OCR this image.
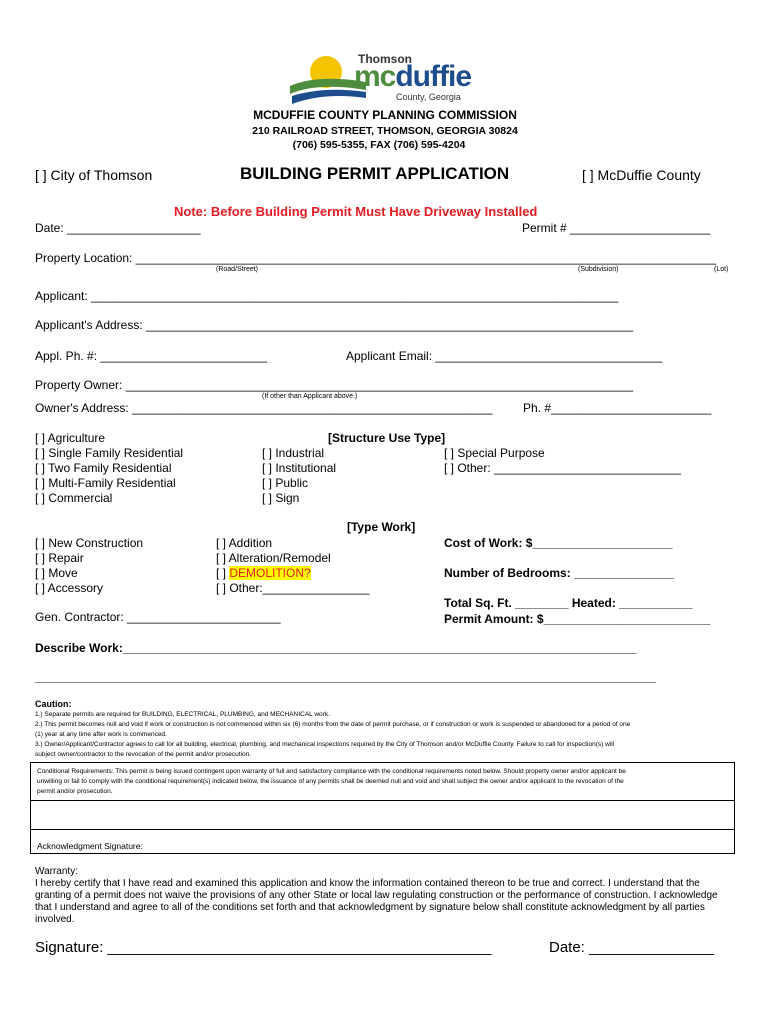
Thomson
mcduffie
County, Georgia
MCDUFFIE COUNTY PLANNING COMMISSION
210 RAILROAD STREET, THOMSON, GEORGIA 30824
(706) 595-5355, FAX (706) 595-4204
[ ] City of Thomson	BUILDING PERMIT APPLICATION	[ ] McDuffie County
Note: Before Building Permit Must Have Driveway Installed
Date: ____________________	Permit # _____________________
Property Location: _______________________________________________________________________________________
(Road/Street)	(Subdivision)	(Lot)
Applicant: _______________________________________________________________________________
Applicant's Address: _________________________________________________________________________
Appl. Ph. #: _________________________	Applicant Email: __________________________________
Property Owner: ____________________________________________________________________________
(If other than Applicant above.)
Owner's Address: ______________________________________________________	Ph. #________________________
[Structure Use Type]
[ ] Agriculture
[ ] Single Family Residential
[ ] Two Family Residential
[ ] Multi-Family Residential
[ ] Commercial
[ ] Industrial
[ ] Institutional
[ ] Public
[ ] Sign
[ ] Special Purpose
[ ] Other: ____________________________
[Type Work]
[ ] New Construction
[ ] Repair
[ ] Move
[ ] Accessory
[ ] Addition
[ ] Alteration/Remodel
[ ] DEMOLITION?
[ ] Other:________________
Cost of Work: $_____________________
Number of Bedrooms: _______________
Total Sq. Ft. ________ Heated: ___________
Permit Amount: $_________________________
Gen. Contractor: _______________________
Describe Work:_____________________________________________________________________________
_____________________________________________________________________________________________
Caution:
1.) Separate permits are required for BUILDING, ELECTRICAL, PLUMBING, and MECHANICAL work.
2.) This permit becomes null and void if work or construction is not commenced within six (6) months from the date of permit purchase, or if construction or work is suspended or abandoned for a period of one
(1) year at any time after work is commenced.
3.) Owner/Applicant/Contractor agrees to call for all building, electrical, plumbing, and mechanical inspections required by the City of Thomson and/or McDuffie County. Failure to call for inspection(s) will
subject owner/contractor to the revocation of the permit and/or prosecution.
Conditional Requirements: This permit is being issued contingent upon warranty of full and satisfactory compliance with the conditional requirements noted below. Should property owner and/or applicant be
unwilling or fail to comply with the conditional requirement(s) indicated below, the issuance of any permits shall be deemed null and void and shall subject the owner and/or applicant to the revocation of the
permit and/or prosecution.
Acknowledgment Signature:
Warranty:
I hereby certify that I have read and examined this application and know the information contained thereon to be true and correct. I understand that the granting of a permit does not waive the provisions of any other State or local law regulating construction or the performance of construction. I acknowledge that I understand and agree to all of the conditions set forth and that acknowledgment by signature below shall constitute acknowledgment by all parties involved.
Signature: ______________________________________________	Date: _______________
